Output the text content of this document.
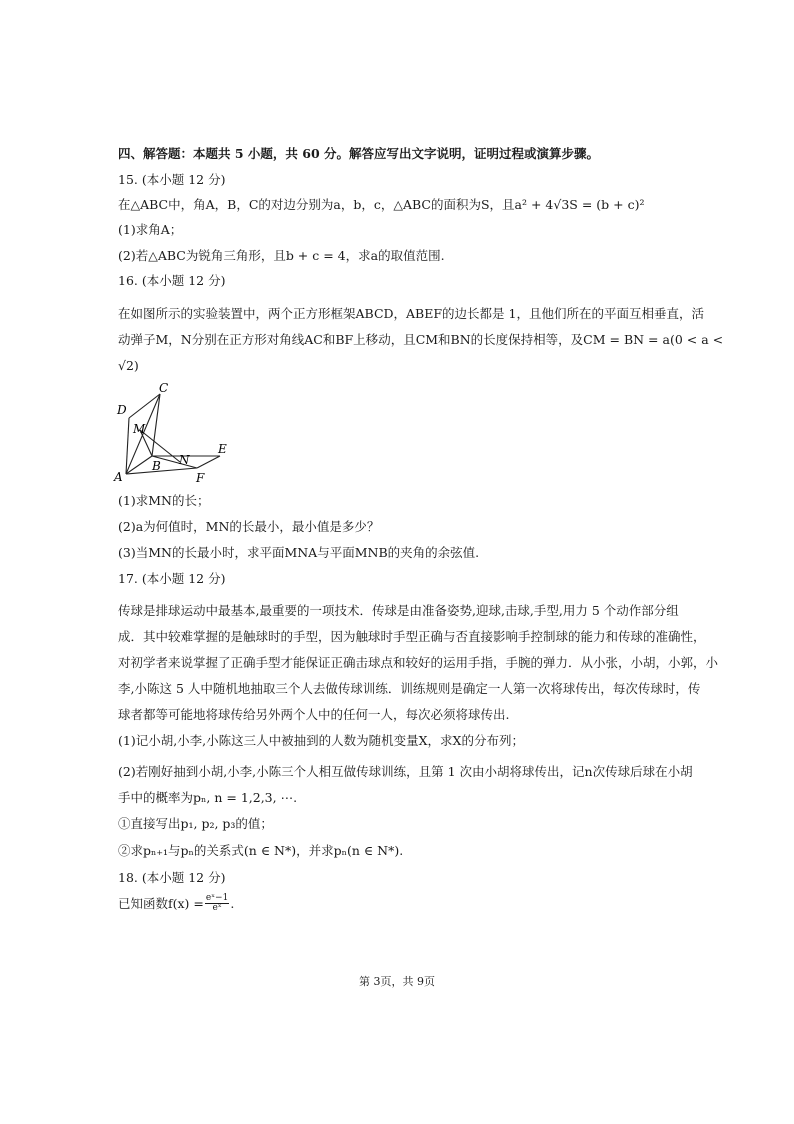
四、解答题：本题共 5 小题，共 60 分。解答应写出文字说明，证明过程或演算步骤。
15. (本小题 12 分)
在△ABC中，角A，B，C的对边分别为a，b，c，△ABC的面积为S，且a² + 4√3S = (b + c)²
(1)求角A；
(2)若△ABC为锐角三角形，且b + c = 4，求a的取值范围.
16. (本小题 12 分)
在如图所示的实验装置中，两个正方形框架ABCD，ABEF的边长都是 1，且他们所在的平面互相垂直，活
动弹子M，N分别在正方形对角线AC和BF上移动，且CM和BN的长度保持相等，及CM = BN = a(0 < a <
√2)
A
B
C
D
E
F
M
N
(1)求MN的长；
(2)a为何值时，MN的长最小，最小值是多少？
(3)当MN的长最小时，求平面MNA与平面MNB的夹角的余弦值.
17. (本小题 12 分)
传球是排球运动中最基本,最重要的一项技术．传球是由准备姿势,迎球,击球,手型,用力 5 个动作部分组
成．其中较难掌握的是触球时的手型，因为触球时手型正确与否直接影响手控制球的能力和传球的准确性，
对初学者来说掌握了正确手型才能保证正确击球点和较好的运用手指，手腕的弹力．从小张，小胡，小郭，小
李,小陈这 5 人中随机地抽取三个人去做传球训练．训练规则是确定一人第一次将球传出，每次传球时，传
球者都等可能地将球传给另外两个人中的任何一人，每次必须将球传出.
(1)记小胡,小李,小陈这三人中被抽到的人数为随机变量X，求X的分布列；
(2)若刚好抽到小胡,小李,小陈三个人相互做传球训练，且第 1 次由小胡将球传出，记n次传球后球在小胡
手中的概率为pₙ, n = 1,2,3, ⋯.
①直接写出p₁, p₂, p₃的值；
②求pₙ₊₁与pₙ的关系式(n ∈ N*)，并求pₙ(n ∈ N*).
18. (本小题 12 分)
已知函数$f(x) = \frac{\text{eˣ−1}}{\text{eˣ}}$ .
第 3页，共 9页
